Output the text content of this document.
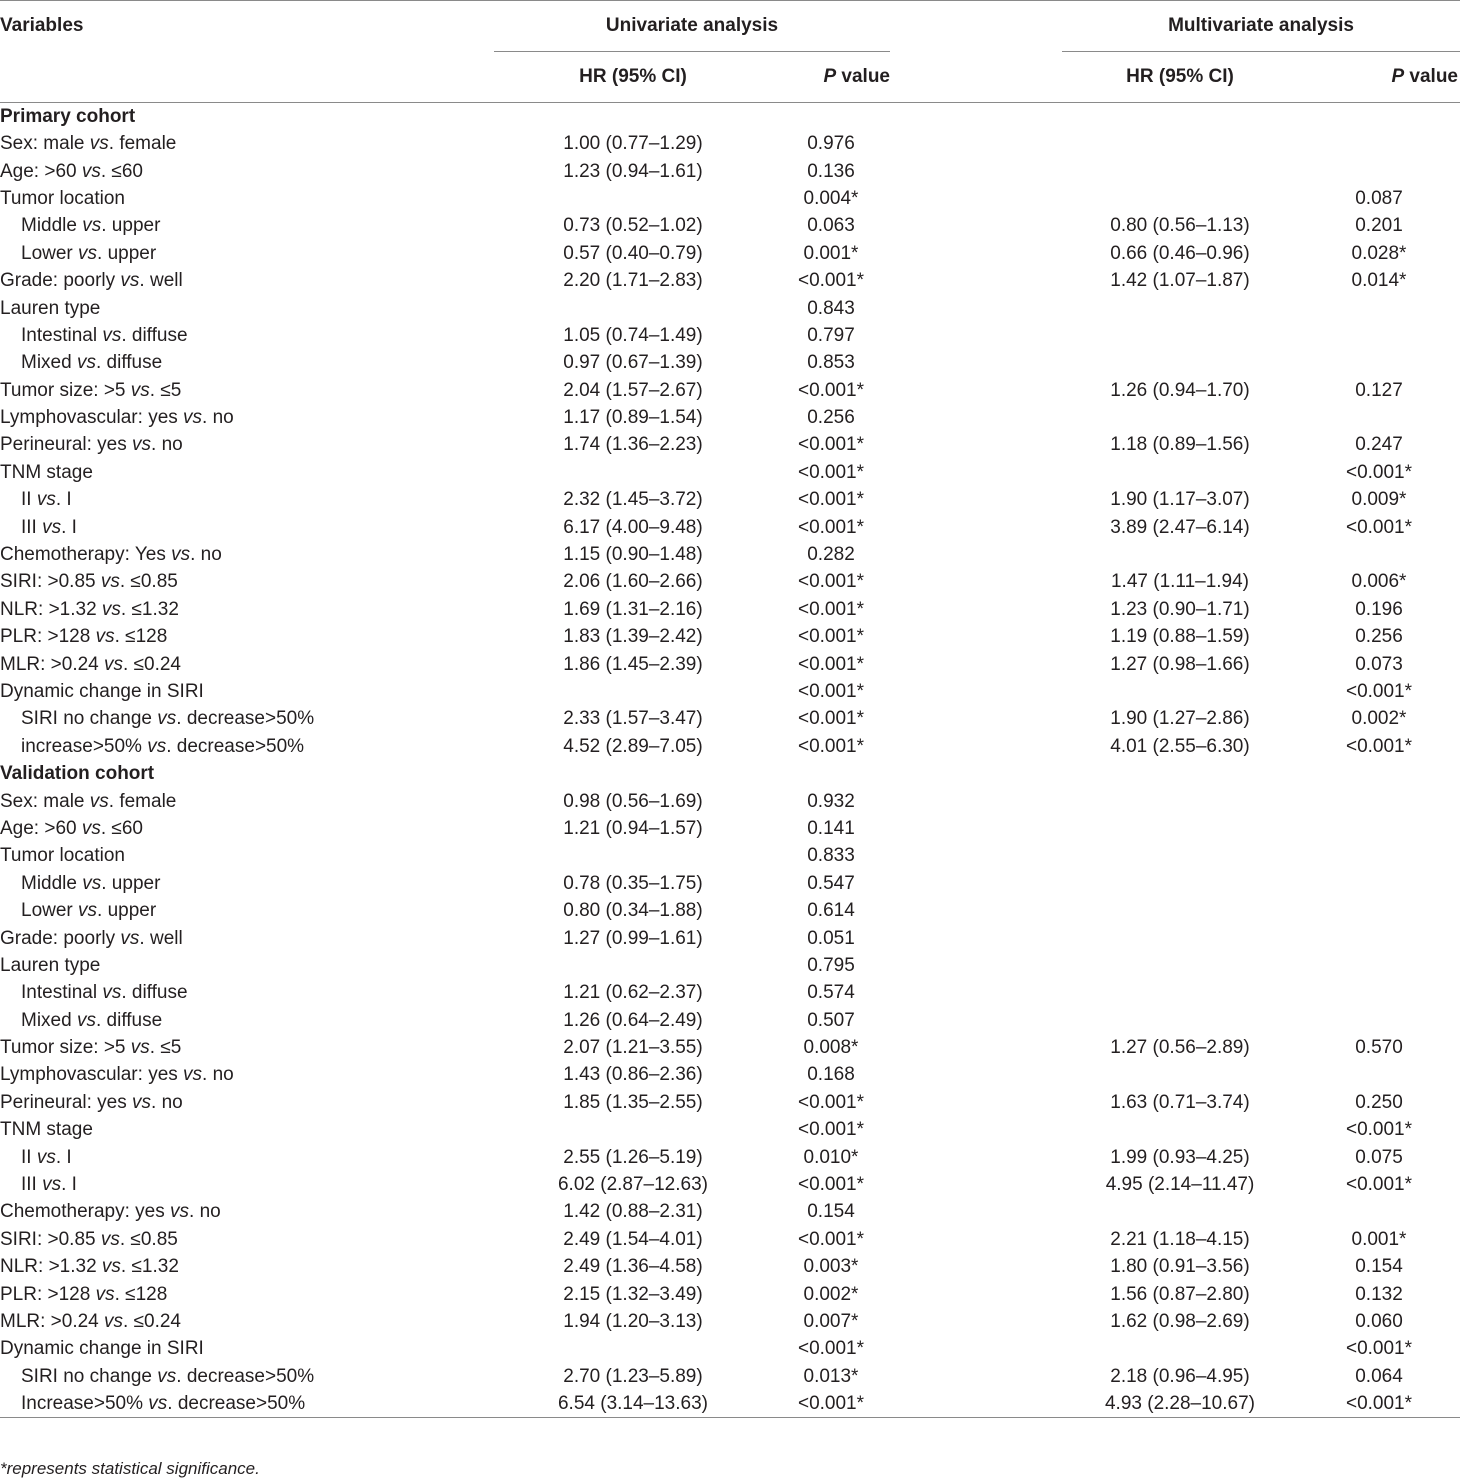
Variables	Univariate analysis			Multivariate analysis	
	HR (95% CI)	P value		HR (95% CI)	P value
Primary cohort					
Sex: male vs. female	1.00 (0.77–1.29)	0.976			
Age: >60 vs. ≤60	1.23 (0.94–1.61)	0.136			
Tumor location		0.004*			0.087
Middle vs. upper	0.73 (0.52–1.02)	0.063		0.80 (0.56–1.13)	0.201
Lower vs. upper	0.57 (0.40–0.79)	0.001*		0.66 (0.46–0.96)	0.028*
Grade: poorly vs. well	2.20 (1.71–2.83)	<0.001*		1.42 (1.07–1.87)	0.014*
Lauren type		0.843			
Intestinal vs. diffuse	1.05 (0.74–1.49)	0.797			
Mixed vs. diffuse	0.97 (0.67–1.39)	0.853			
Tumor size: >5 vs. ≤5	2.04 (1.57–2.67)	<0.001*		1.26 (0.94–1.70)	0.127
Lymphovascular: yes vs. no	1.17 (0.89–1.54)	0.256			
Perineural: yes vs. no	1.74 (1.36–2.23)	<0.001*		1.18 (0.89–1.56)	0.247
TNM stage		<0.001*			<0.001*
II vs. I	2.32 (1.45–3.72)	<0.001*		1.90 (1.17–3.07)	0.009*
III vs. I	6.17 (4.00–9.48)	<0.001*		3.89 (2.47–6.14)	<0.001*
Chemotherapy: Yes vs. no	1.15 (0.90–1.48)	0.282			
SIRI: >0.85 vs. ≤0.85	2.06 (1.60–2.66)	<0.001*		1.47 (1.11–1.94)	0.006*
NLR: >1.32 vs. ≤1.32	1.69 (1.31–2.16)	<0.001*		1.23 (0.90–1.71)	0.196
PLR: >128 vs. ≤128	1.83 (1.39–2.42)	<0.001*		1.19 (0.88–1.59)	0.256
MLR: >0.24 vs. ≤0.24	1.86 (1.45–2.39)	<0.001*		1.27 (0.98–1.66)	0.073
Dynamic change in SIRI		<0.001*			<0.001*
SIRI no change vs. decrease>50%	2.33 (1.57–3.47)	<0.001*		1.90 (1.27–2.86)	0.002*
increase>50% vs. decrease>50%	4.52 (2.89–7.05)	<0.001*		4.01 (2.55–6.30)	<0.001*
Validation cohort					
Sex: male vs. female	0.98 (0.56–1.69)	0.932			
Age: >60 vs. ≤60	1.21 (0.94–1.57)	0.141			
Tumor location		0.833			
Middle vs. upper	0.78 (0.35–1.75)	0.547			
Lower vs. upper	0.80 (0.34–1.88)	0.614			
Grade: poorly vs. well	1.27 (0.99–1.61)	0.051			
Lauren type		0.795			
Intestinal vs. diffuse	1.21 (0.62–2.37)	0.574			
Mixed vs. diffuse	1.26 (0.64–2.49)	0.507			
Tumor size: >5 vs. ≤5	2.07 (1.21–3.55)	0.008*		1.27 (0.56–2.89)	0.570
Lymphovascular: yes vs. no	1.43 (0.86–2.36)	0.168			
Perineural: yes vs. no	1.85 (1.35–2.55)	<0.001*		1.63 (0.71–3.74)	0.250
TNM stage		<0.001*			<0.001*
II vs. I	2.55 (1.26–5.19)	0.010*		1.99 (0.93–4.25)	0.075
III vs. I	6.02 (2.87–12.63)	<0.001*		4.95 (2.14–11.47)	<0.001*
Chemotherapy: yes vs. no	1.42 (0.88–2.31)	0.154			
SIRI: >0.85 vs. ≤0.85	2.49 (1.54–4.01)	<0.001*		2.21 (1.18–4.15)	0.001*
NLR: >1.32 vs. ≤1.32	2.49 (1.36–4.58)	0.003*		1.80 (0.91–3.56)	0.154
PLR: >128 vs. ≤128	2.15 (1.32–3.49)	0.002*		1.56 (0.87–2.80)	0.132
MLR: >0.24 vs. ≤0.24	1.94 (1.20–3.13)	0.007*		1.62 (0.98–2.69)	0.060
Dynamic change in SIRI		<0.001*			<0.001*
SIRI no change vs. decrease>50%	2.70 (1.23–5.89)	0.013*		2.18 (0.96–4.95)	0.064
Increase>50% vs. decrease>50%	6.54 (3.14–13.63)	<0.001*		4.93 (2.28–10.67)	<0.001*
*represents statistical significance.
